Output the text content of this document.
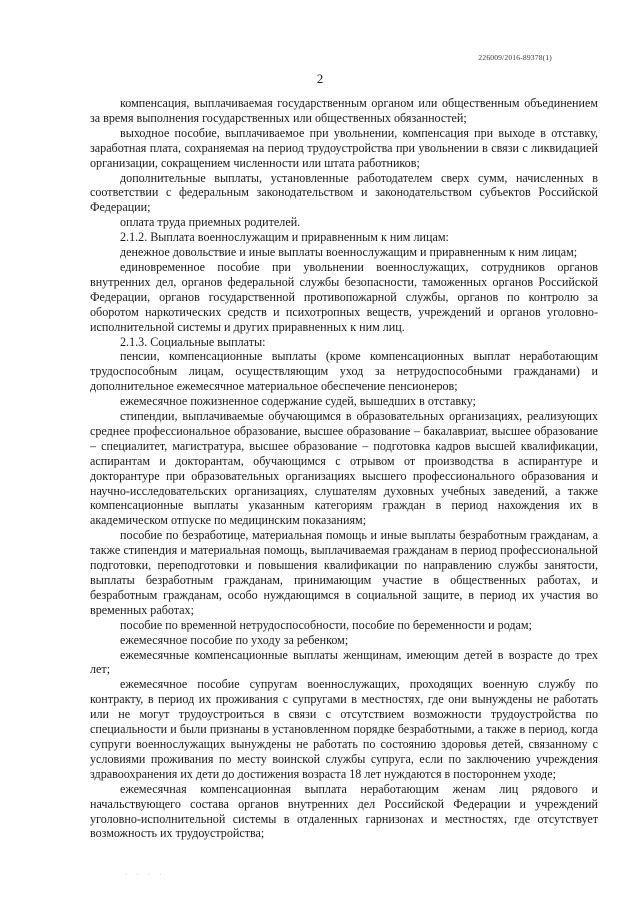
226009/2016-89378(1)
2

компенсация, выплачиваемая государственным органом или общественным объединением за время выполнения государственных или общественных обязанностей;

выходное пособие, выплачиваемое при увольнении, компенсация при выходе в отставку, заработная плата, сохраняемая на период трудоустройства при увольнении в связи с ликвидацией организации, сокращением численности или штата работников;

дополнительные выплаты, установленные работодателем сверх сумм, начисленных в соответствии с федеральным законодательством и законодательством субъектов Российской Федерации;

оплата труда приемных родителей.

2.1.2. Выплата военнослужащим и приравненным к ним лицам:

денежное довольствие и иные выплаты военнослужащим и приравненным к ним лицам;

единовременное пособие при увольнении военнослужащих, сотрудников органов внутренних дел, органов федеральной службы безопасности, таможенных органов Российской Федерации, органов государственной противопожарной службы, органов по контролю за оборотом наркотических средств и психотропных веществ, учреждений и органов уголовно-исполнительной системы и других приравненных к ним лиц.

2.1.3. Социальные выплаты:

пенсии, компенсационные выплаты (кроме компенсационных выплат неработающим трудоспособным лицам, осуществляющим уход за нетрудоспособными гражданами) и дополнительное ежемесячное материальное обеспечение пенсионеров;

ежемесячное пожизненное содержание судей, вышедших в отставку;

стипендии, выплачиваемые обучающимся в образовательных организациях, реализующих среднее профессиональное образование, высшее образование – бакалавриат, высшее образование – специалитет, магистратура, высшее образование – подготовка кадров высшей квалификации, аспирантам и докторантам, обучающимся с отрывом от производства в аспирантуре и докторантуре при образовательных организациях высшего профессионального образования и научно-исследовательских организациях, слушателям духовных учебных заведений, а также компенсационные выплаты указанным категориям граждан в период нахождения их в академическом отпуске по медицинским показаниям;

пособие по безработице, материальная помощь и иные выплаты безработным гражданам, а также стипендия и материальная помощь, выплачиваемая гражданам в период профессиональной подготовки, переподготовки и повышения квалификации по направлению службы занятости, выплаты безработным гражданам, принимающим участие в общественных работах, и безработным гражданам, особо нуждающимся в социальной защите, в период их участия во временных работах;

пособие по временной нетрудоспособности, пособие по беременности и родам;

ежемесячное пособие по уходу за ребенком;

ежемесячные компенсационные выплаты женщинам, имеющим детей в возрасте до трех лет;

ежемесячное пособие супругам военнослужащих, проходящих военную службу по контракту, в период их проживания с супругами в местностях, где они вынуждены не работать или не могут трудоустроиться в связи с отсутствием возможности трудоустройства по специальности и были признаны в установленном порядке безработными, а также в период, когда супруги военнослужащих вынуждены не работать по состоянию здоровья детей, связанному с условиями проживания по месту воинской службы супруга, если по заключению учреждения здравоохранения их дети до достижения возраста 18 лет нуждаются в постороннем уходе;

ежемесячная компенсационная выплата неработающим женам лиц рядового и начальствующего состава органов внутренних дел Российской Федерации и учреждений уголовно-исполнительной системы в отдаленных гарнизонах и местностях, где отсутствует возможность их трудоустройства;

· · · ·
